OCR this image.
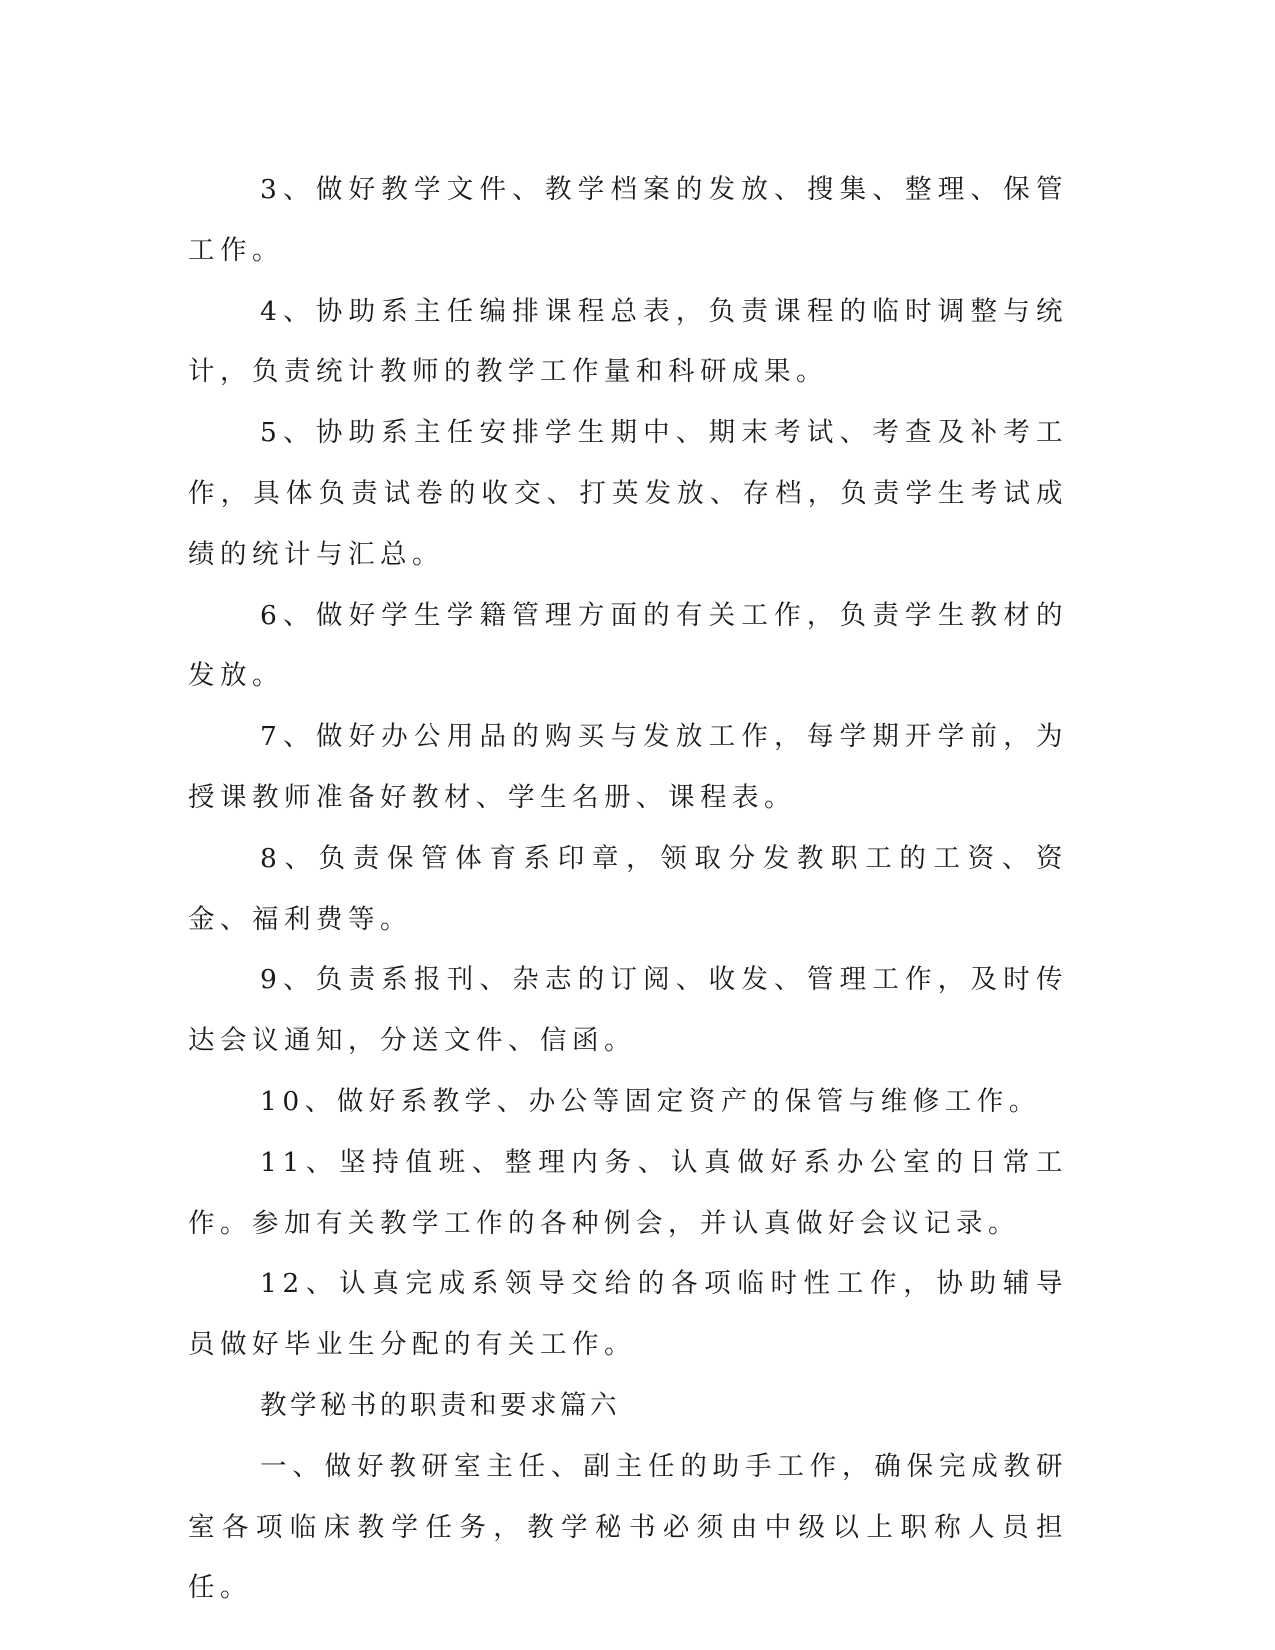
3、做好教学文件、教学档案的发放、搜集、整理、保管工作。

4、协助系主任编排课程总表，负责课程的临时调整与统计，负责统计教师的教学工作量和科研成果。

5、协助系主任安排学生期中、期末考试、考查及补考工作，具体负责试卷的收交、打英发放、存档，负责学生考试成绩的统计与汇总。

6、做好学生学籍管理方面的有关工作，负责学生教材的发放。

7、做好办公用品的购买与发放工作，每学期开学前，为授课教师准备好教材、学生名册、课程表。

8、负责保管体育系印章，领取分发教职工的工资、资金、福利费等。

9、负责系报刊、杂志的订阅、收发、管理工作，及时传达会议通知，分送文件、信函。

10、做好系教学、办公等固定资产的保管与维修工作。

11、坚持值班、整理内务、认真做好系办公室的日常工作。参加有关教学工作的各种例会，并认真做好会议记录。

12、认真完成系领导交给的各项临时性工作，协助辅导员做好毕业生分配的有关工作。

教学秘书的职责和要求篇六

一、做好教研室主任、副主任的助手工作，确保完成教研室各项临床教学任务，教学秘书必须由中级以上职称人员担任。
